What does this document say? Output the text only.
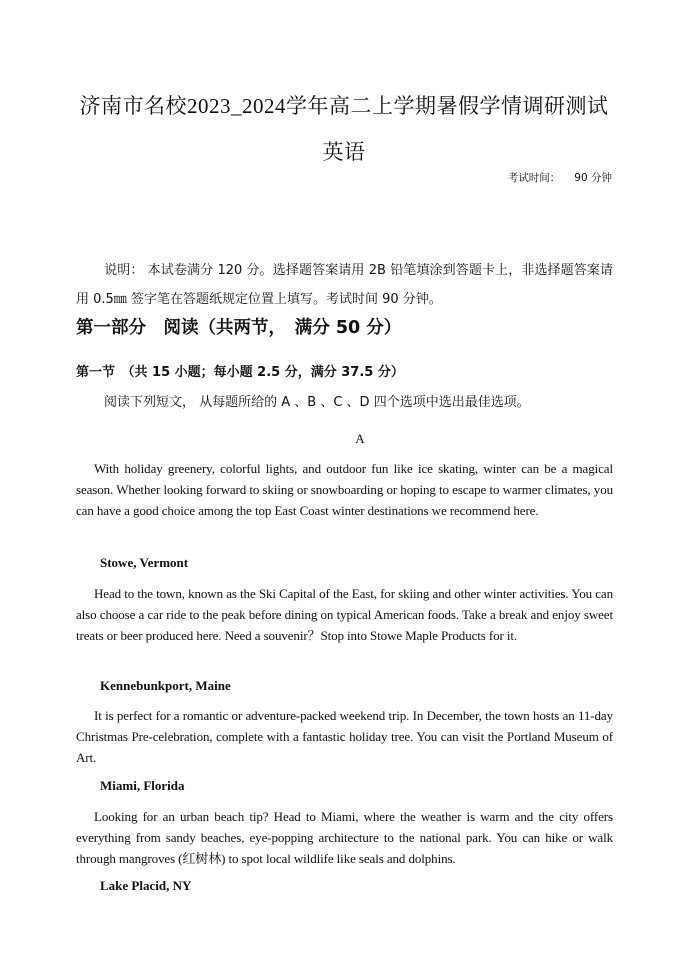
济南市名校2023_2024学年高二上学期暑假学情调研测试
英语
考试时间： 90 分钟
说明： 本试卷满分 120 分。选择题答案请用 2B 铅笔填涂到答题卡上，非选择题答案请用 0.5㎜ 签字笔在答题纸规定位置上填写。考试时间 90 分钟。
第一部分　阅读（共两节，　满分 50 分）
第一节　（共 15 小题；每小题 2.5 分，满分 37.5 分）
阅读下列短文， 从每题所给的 A 、B 、C 、D 四个选项中选出最佳选项。
A
With holiday greenery, colorful lights, and outdoor fun like ice skating, winter can be a magical season. Whether looking forward to skiing or snowboarding or hoping to escape to warmer climates, you can have a good choice among the top East Coast winter destinations we recommend here.
Stowe, Vermont
Head to the town, known as the Ski Capital of the East, for skiing and other winter activities. You can also choose a car ride to the peak before dining on typical American foods. Take a break and enjoy sweet treats or beer produced here. Need a souvenir？Stop into Stowe Maple Products for it.
Kennebunkport, Maine
It is perfect for a romantic or adventure-packed weekend trip. In December, the town hosts an 11-day Christmas Pre-celebration, complete with a fantastic holiday tree. You can visit the Portland Museum of Art.
Miami, Florida
Looking for an urban beach tip? Head to Miami, where the weather is warm and the city offers everything from sandy beaches, eye-popping architecture to the national park. You can hike or walk through mangroves (红树林) to spot local wildlife like seals and dolphins.
Lake Placid, NY
